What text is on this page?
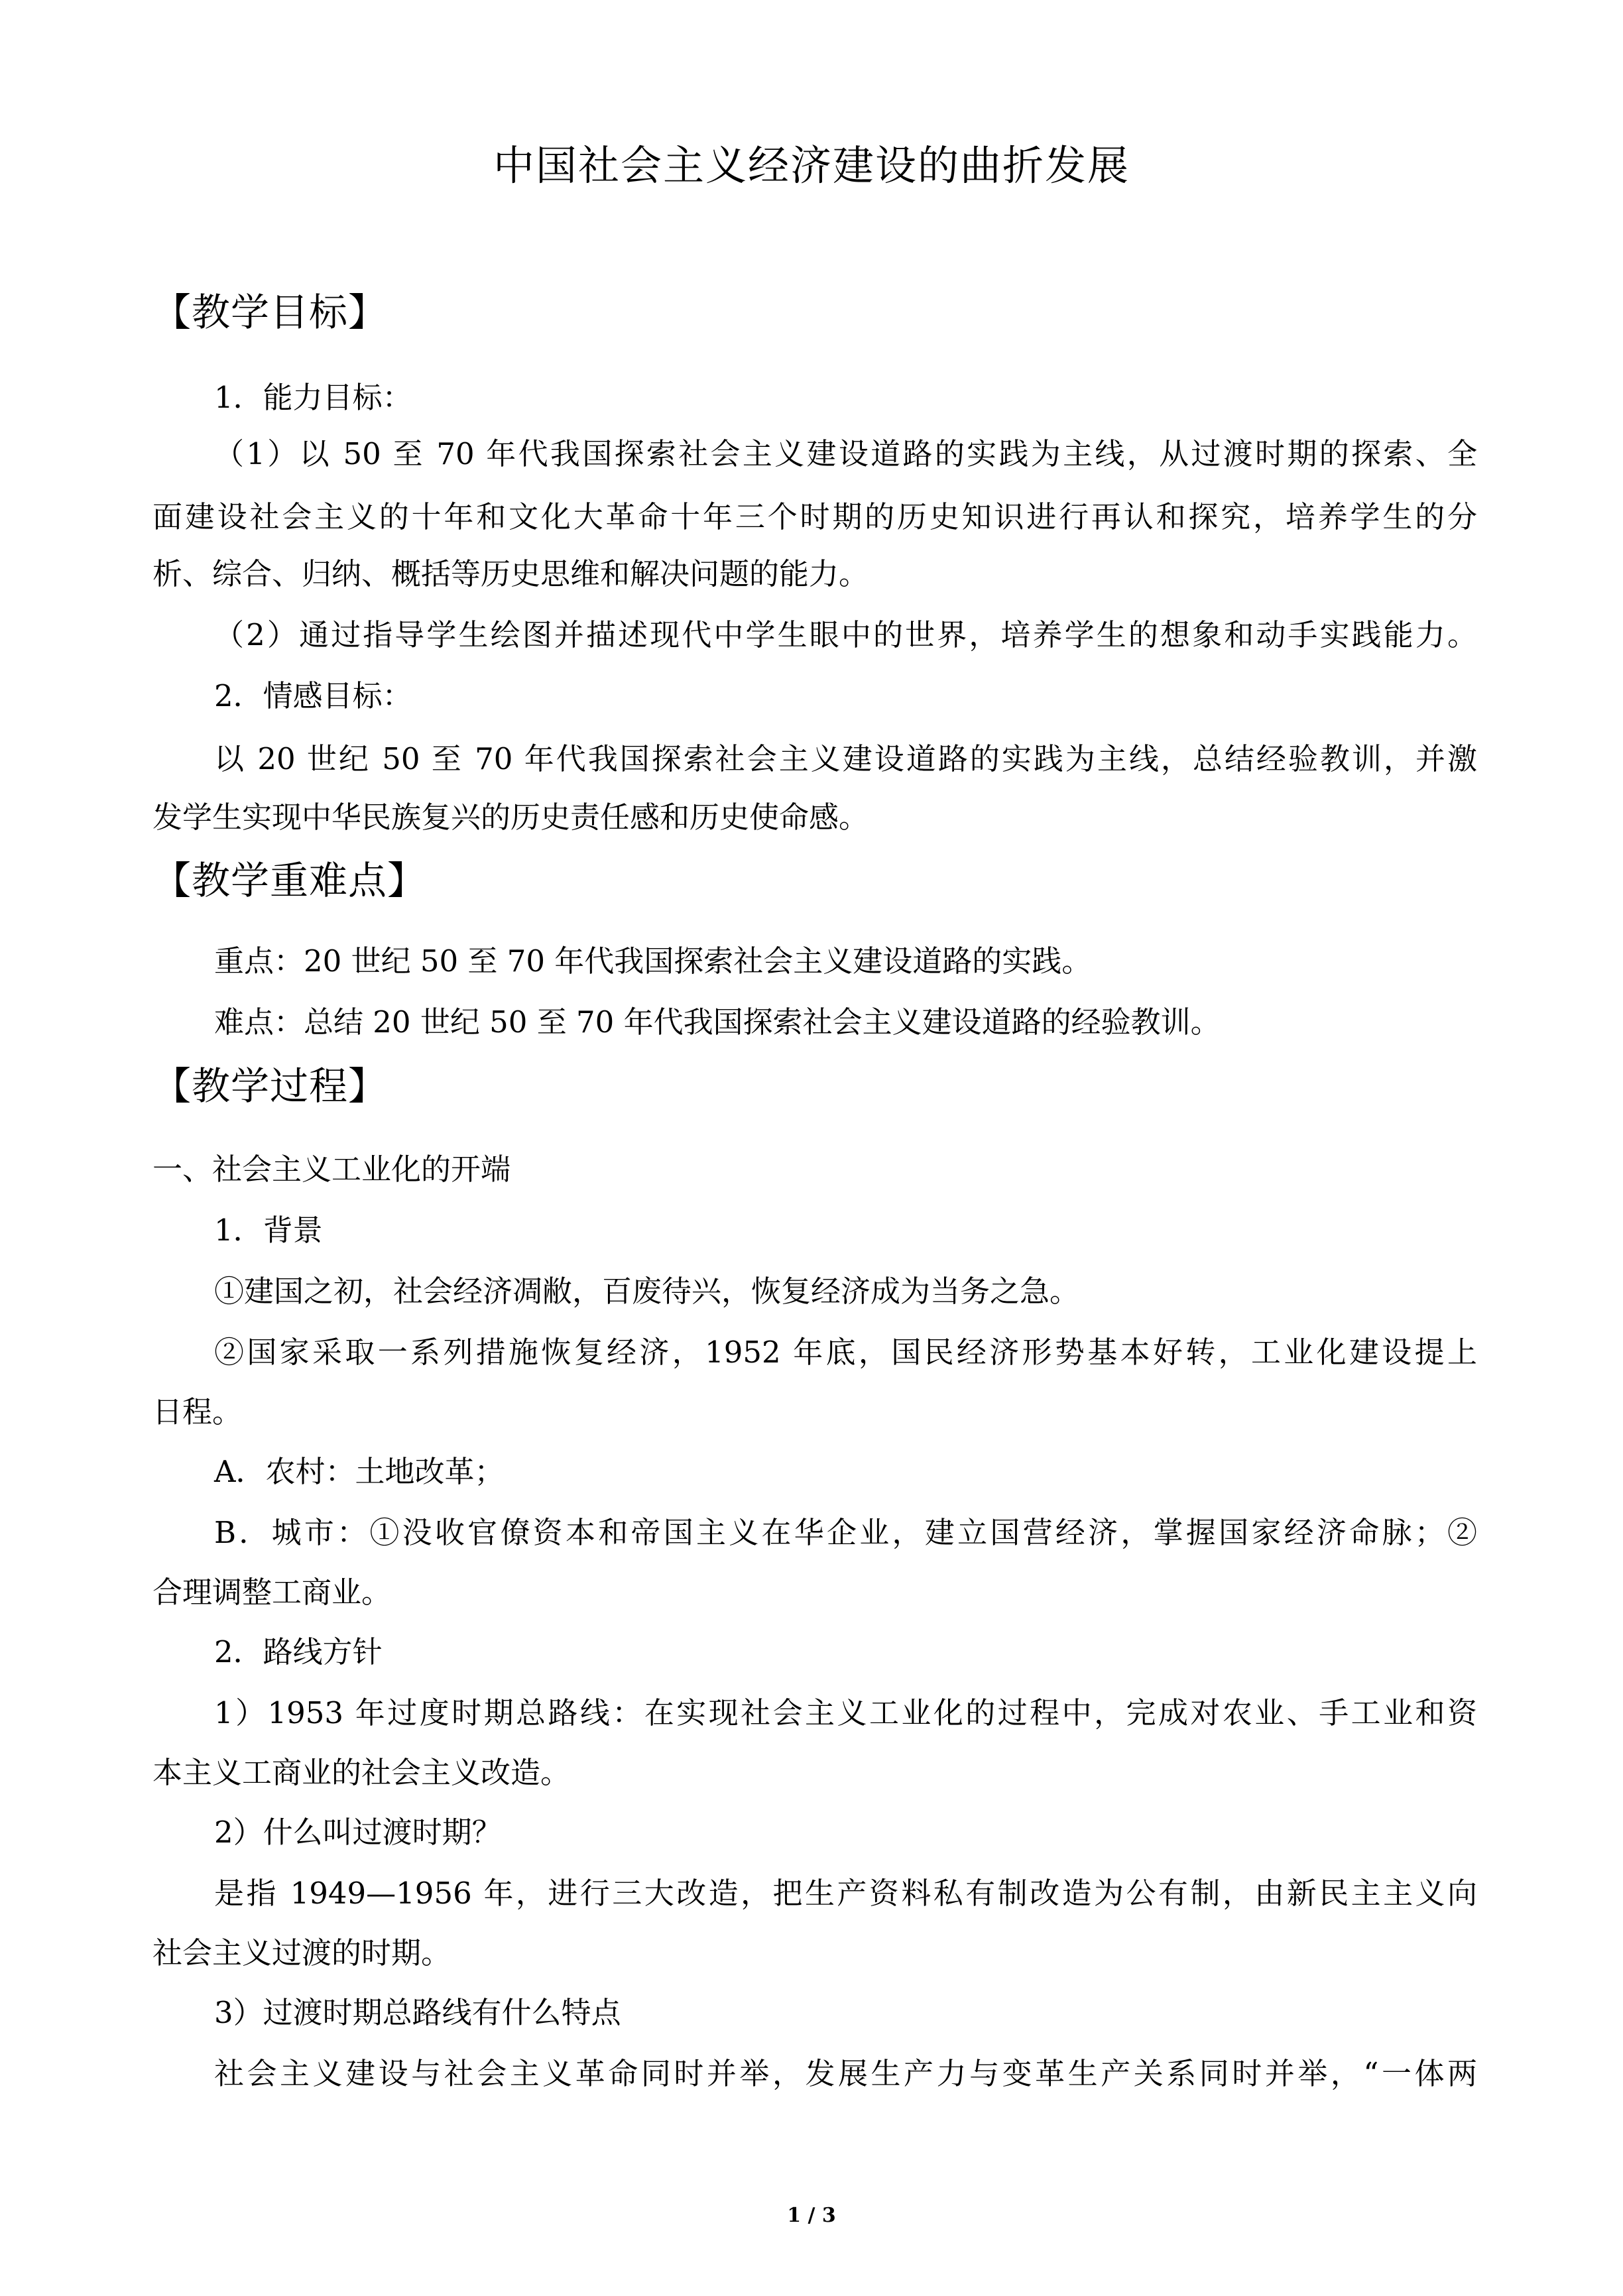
中国社会主义经济建设的曲折发展
【教学目标】
1．能力目标：
（1）以 50 至 70 年代我国探索社会主义建设道路的实践为主线，从过渡时期的探索、全
面建设社会主义的十年和文化大革命十年三个时期的历史知识进行再认和探究，培养学生的分
析、综合、归纳、概括等历史思维和解决问题的能力。
（2）通过指导学生绘图并描述现代中学生眼中的世界，培养学生的想象和动手实践能力。
2．情感目标：
以 20 世纪 50 至 70 年代我国探索社会主义建设道路的实践为主线，总结经验教训，并激
发学生实现中华民族复兴的历史责任感和历史使命感。
【教学重难点】
重点：20 世纪 50 至 70 年代我国探索社会主义建设道路的实践。
难点：总结 20 世纪 50 至 70 年代我国探索社会主义建设道路的经验教训。
【教学过程】
一、社会主义工业化的开端
1．背景
①建国之初，社会经济凋敝，百废待兴，恢复经济成为当务之急。
②国家采取一系列措施恢复经济，1952 年底，国民经济形势基本好转，工业化建设提上
日程。
A．农村：土地改革；
B．城市：①没收官僚资本和帝国主义在华企业，建立国营经济，掌握国家经济命脉；②
合理调整工商业。
2．路线方针
1）1953 年过度时期总路线：在实现社会主义工业化的过程中，完成对农业、手工业和资
本主义工商业的社会主义改造。
2）什么叫过渡时期？
是指 1949—1956 年，进行三大改造，把生产资料私有制改造为公有制，由新民主主义向
社会主义过渡的时期。
3）过渡时期总路线有什么特点
社会主义建设与社会主义革命同时并举，发展生产力与变革生产关系同时并举，“一体两
1 / 3
